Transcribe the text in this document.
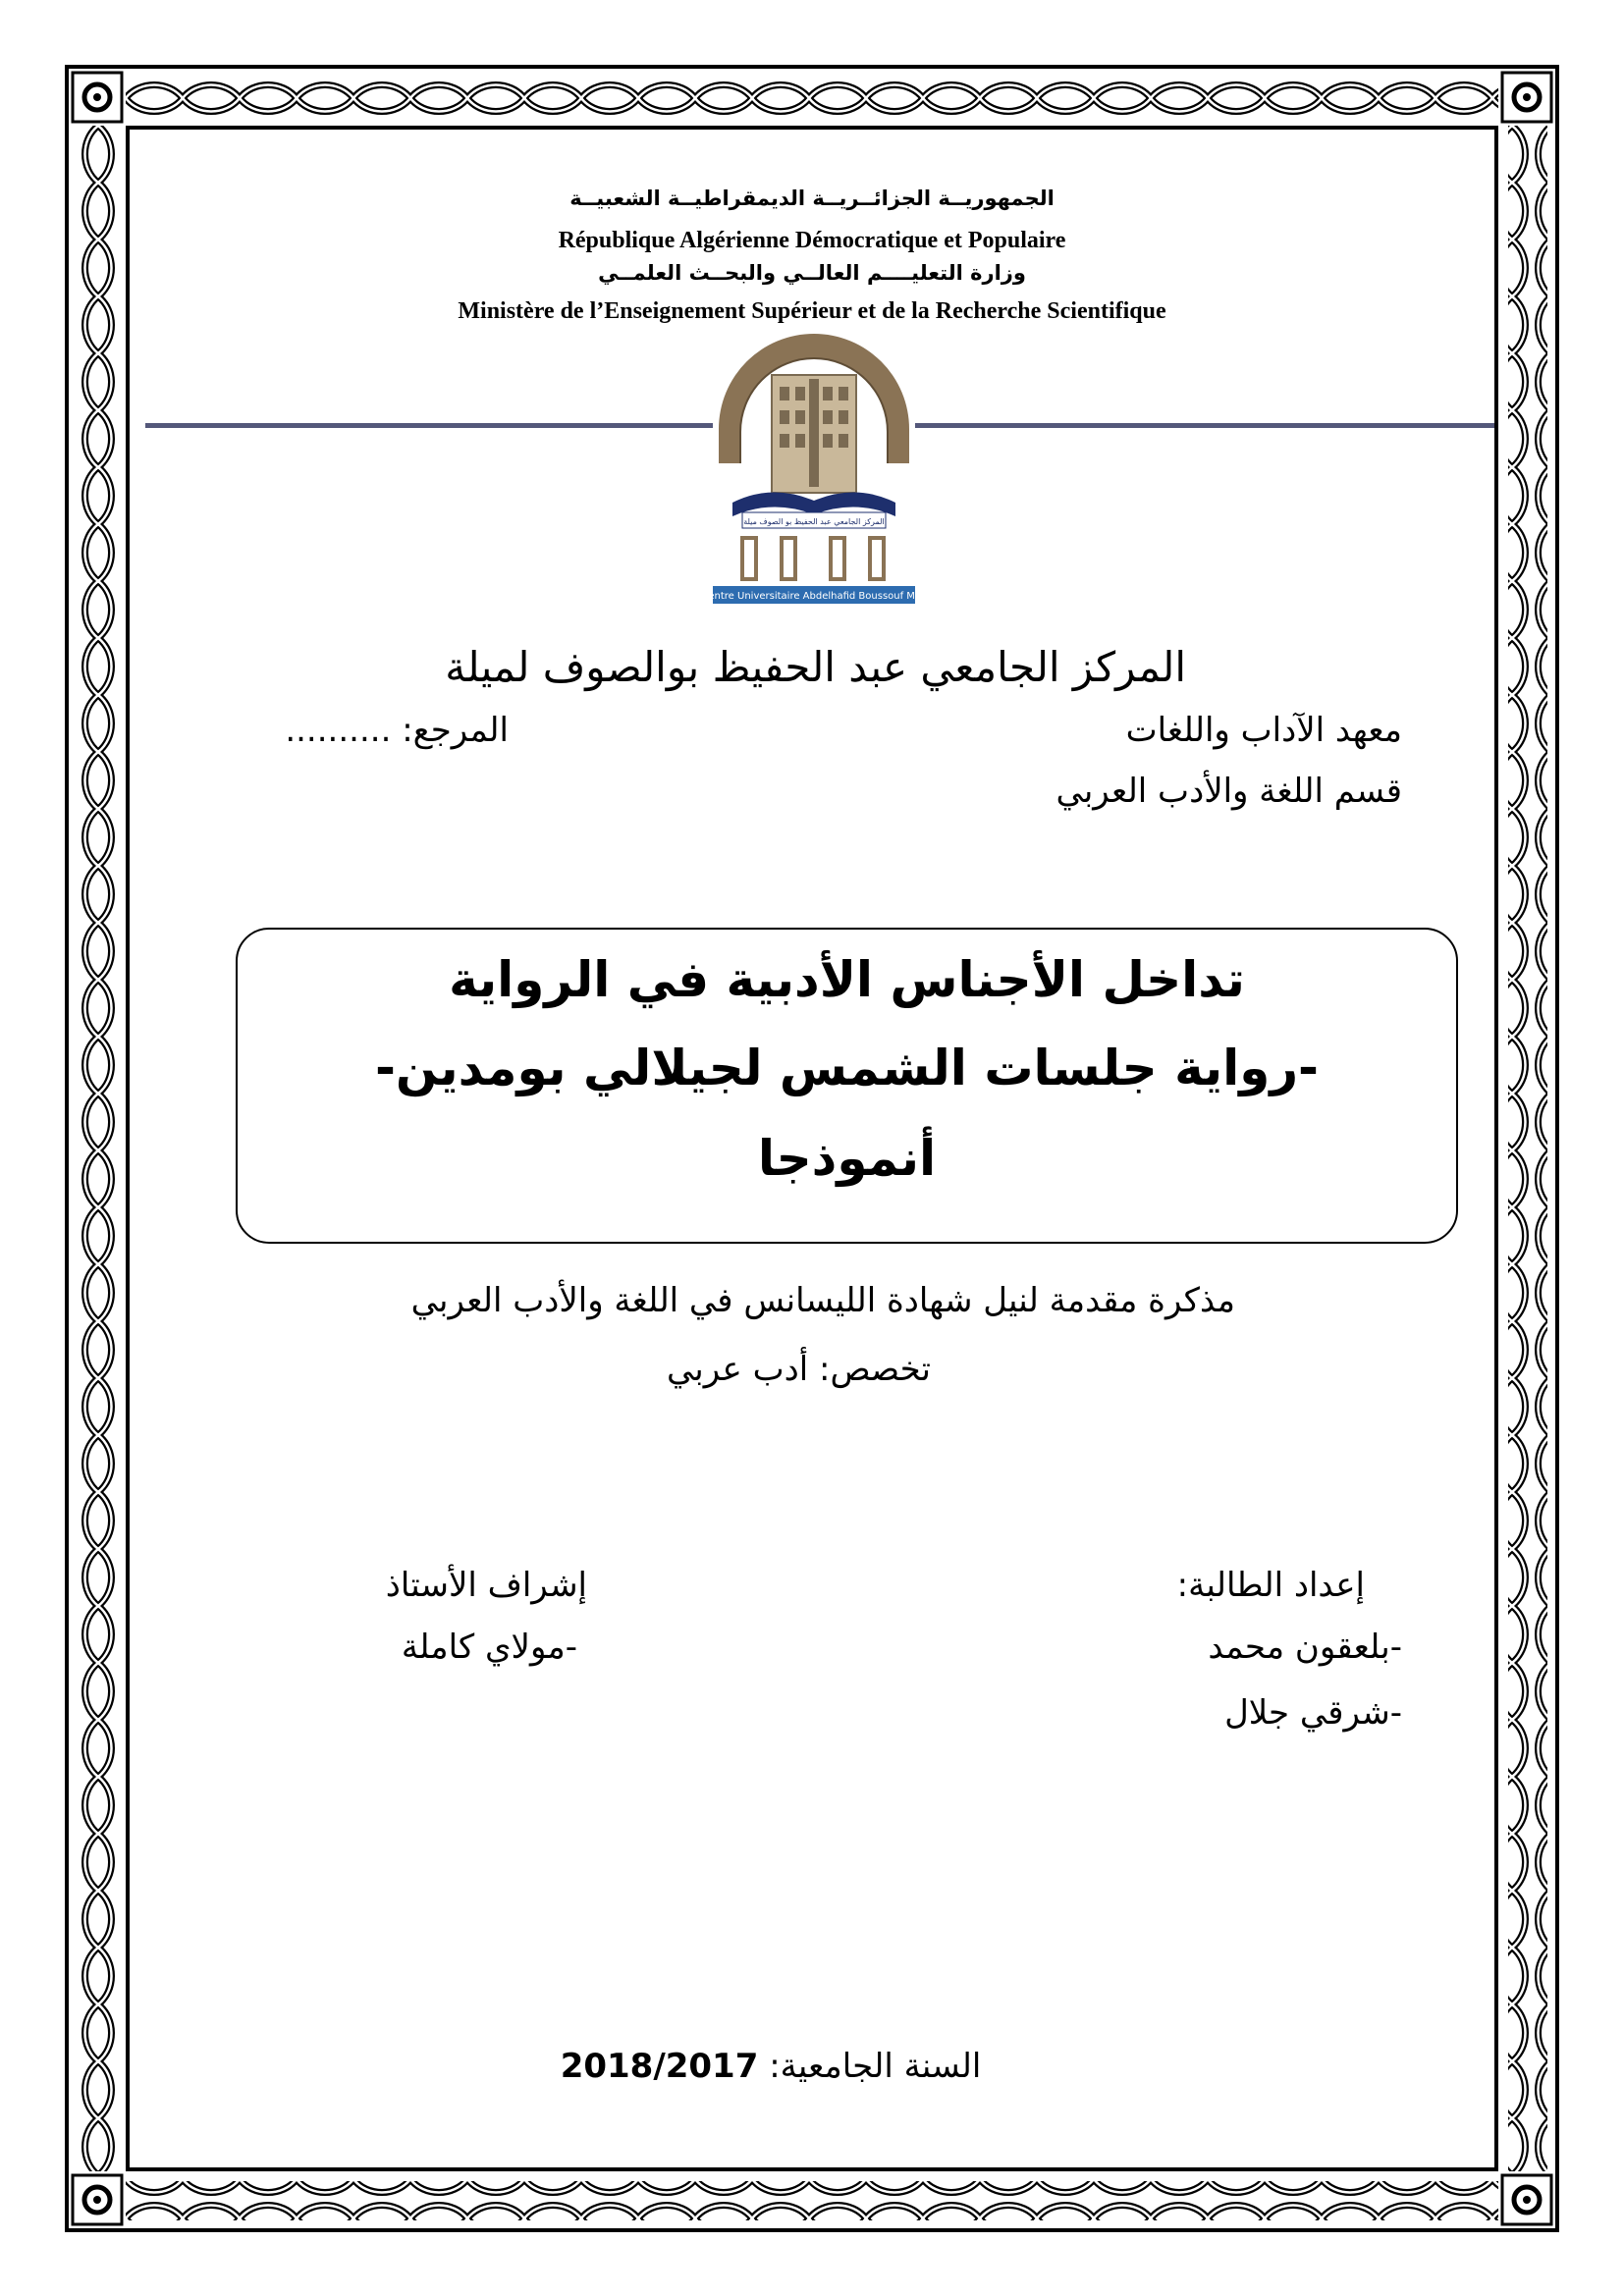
الجمهوريــة الجزائــريــة الديمقراطيــة الشعبيــة
République Algérienne Démocratique et Populaire
وزارة التعليــــم العالــي والبحــث العلمــي
Ministère de l’Enseignement Supérieur et de la Recherche Scientifique
المركز الجامعي عبد الحفيظ بو الصوف ميلة
Centre Universitaire Abdelhafid Boussouf Mila
المركز الجامعي عبد الحفيظ بوالصوف لميلة
معهد الآداب واللغات
المرجع: ..........
قسم اللغة والأدب العربي
تداخل الأجناس الأدبية في الرواية
-رواية جلسات الشمس لجيلالي بومدين-
أنموذجا
مذكرة مقدمة لنيل شهادة الليسانس في اللغة والأدب العربي
تخصص: أدب عربي
إعداد الطالبة:
-بلعقون محمد
-شرقي جلال
إشراف الأستاذ
-مولاي كاملة
السنة الجامعية: 2018/2017
